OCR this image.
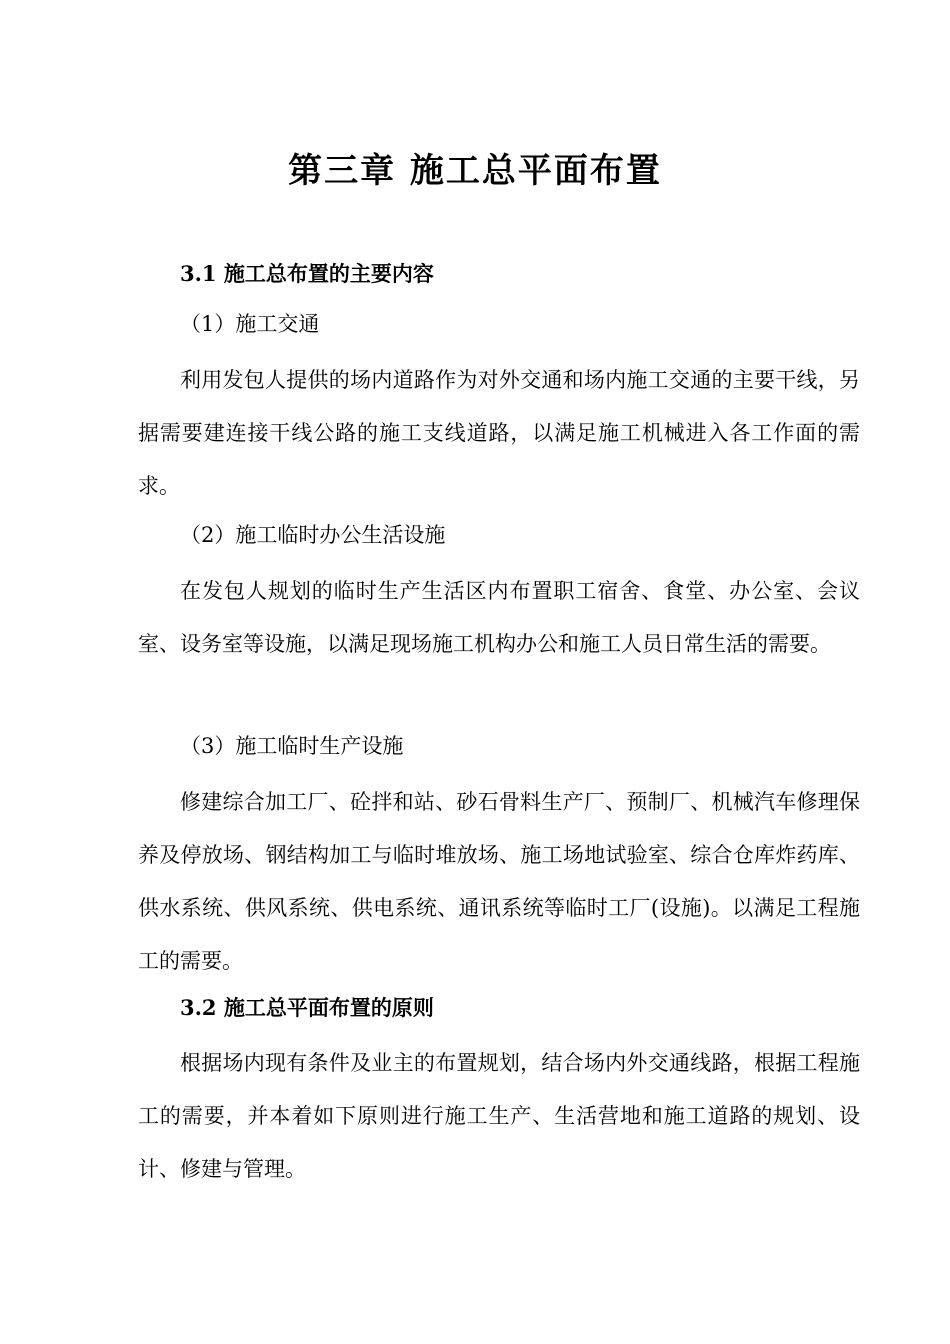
第三章 施工总平面布置
3.1 施工总布置的主要内容
（1）施工交通

利用发包人提供的场内道路作为对外交通和场内施工交通的主要干线，另据需要建连接干线公路的施工支线道路，以满足施工机械进入各工作面的需求。

（2）施工临时办公生活设施

在发包人规划的临时生产生活区内布置职工宿舍、食堂、办公室、会议室、设务室等设施，以满足现场施工机构办公和施工人员日常生活的需要。

（3）施工临时生产设施

修建综合加工厂、砼拌和站、砂石骨料生产厂、预制厂、机械汽车修理保养及停放场、钢结构加工与临时堆放场、施工场地试验室、综合仓库炸药库、供水系统、供风系统、供电系统、通讯系统等临时工厂(设施)。以满足工程施工的需要。

3.2 施工总平面布置的原则

根据场内现有条件及业主的布置规划，结合场内外交通线路，根据工程施工的需要，并本着如下原则进行施工生产、生活营地和施工道路的规划、设计、修建与管理。
